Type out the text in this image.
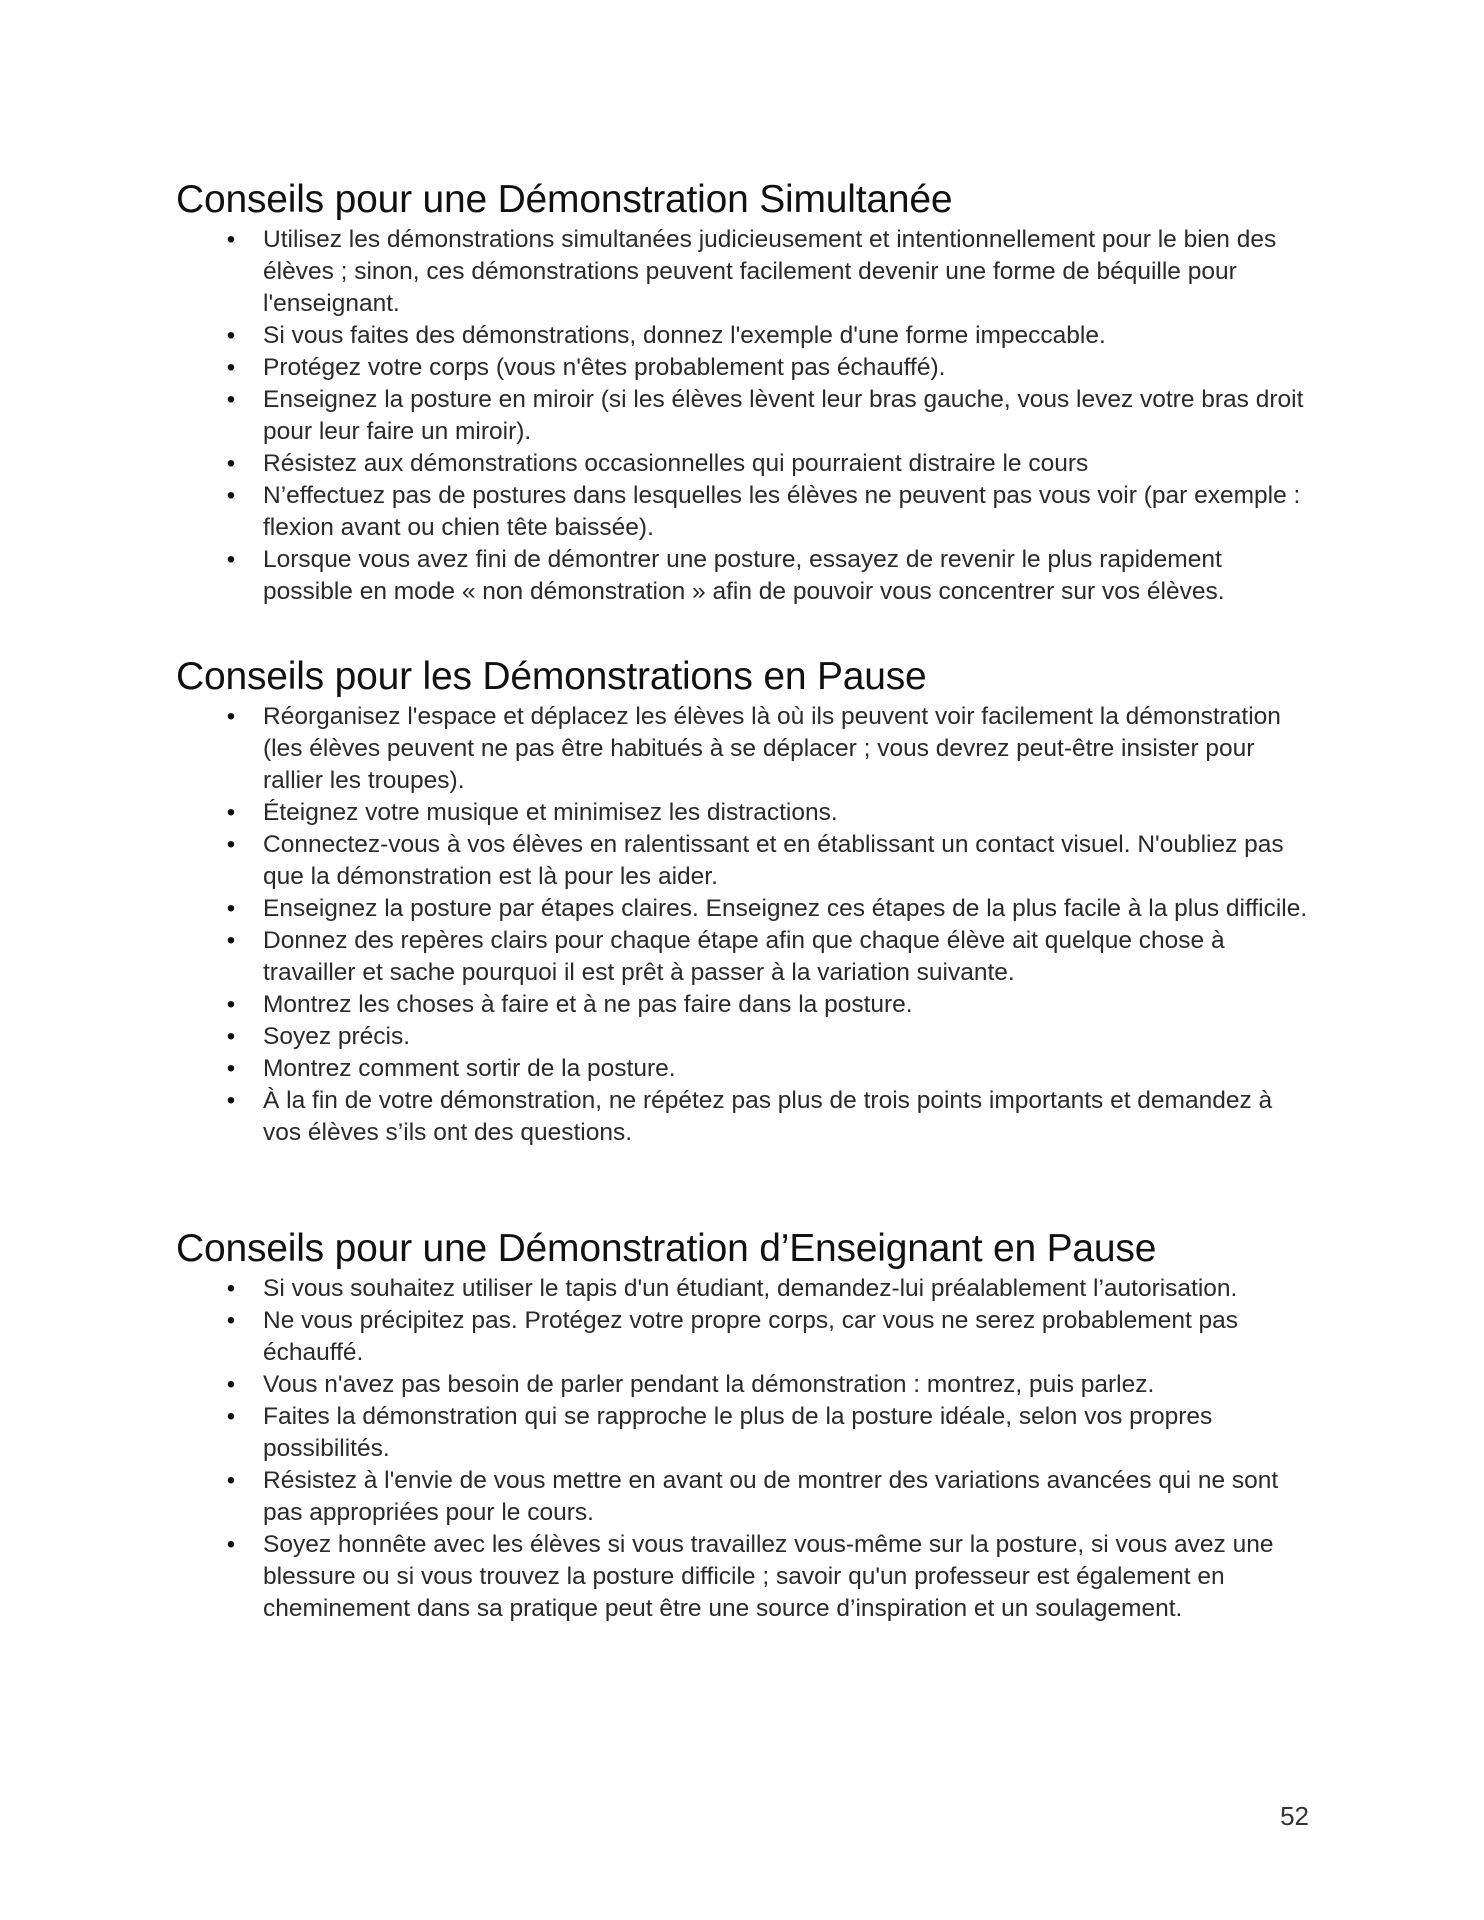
Conseils pour une Démonstration Simultanée
• Utilisez les démonstrations simultanées judicieusement et intentionnellement pour le bien des élèves ; sinon, ces démonstrations peuvent facilement devenir une forme de béquille pour l'enseignant.
• Si vous faites des démonstrations, donnez l'exemple d'une forme impeccable.
• Protégez votre corps (vous n'êtes probablement pas échauffé).
• Enseignez la posture en miroir (si les élèves lèvent leur bras gauche, vous levez votre bras droit pour leur faire un miroir).
• Résistez aux démonstrations occasionnelles qui pourraient distraire le cours
• N’effectuez pas de postures dans lesquelles les élèves ne peuvent pas vous voir (par exemple : flexion avant ou chien tête baissée).
• Lorsque vous avez fini de démontrer une posture, essayez de revenir le plus rapidement possible en mode « non démonstration » afin de pouvoir vous concentrer sur vos élèves.
Conseils pour les Démonstrations en Pause
• Réorganisez l'espace et déplacez les élèves là où ils peuvent voir facilement la démonstration (les élèves peuvent ne pas être habitués à se déplacer ; vous devrez peut-être insister pour rallier les troupes).
• Éteignez votre musique et minimisez les distractions.
• Connectez-vous à vos élèves en ralentissant et en établissant un contact visuel. N'oubliez pas que la démonstration est là pour les aider.
• Enseignez la posture par étapes claires. Enseignez ces étapes de la plus facile à la plus difficile.
• Donnez des repères clairs pour chaque étape afin que chaque élève ait quelque chose à travailler et sache pourquoi il est prêt à passer à la variation suivante.
• Montrez les choses à faire et à ne pas faire dans la posture.
• Soyez précis.
• Montrez comment sortir de la posture.
• À la fin de votre démonstration, ne répétez pas plus de trois points importants et demandez à vos élèves s’ils ont des questions.
Conseils pour une Démonstration d’Enseignant en Pause
• Si vous souhaitez utiliser le tapis d'un étudiant, demandez-lui préalablement l’autorisation.
• Ne vous précipitez pas. Protégez votre propre corps, car vous ne serez probablement pas échauffé.
• Vous n'avez pas besoin de parler pendant la démonstration : montrez, puis parlez.
• Faites la démonstration qui se rapproche le plus de la posture idéale, selon vos propres possibilités.
• Résistez à l'envie de vous mettre en avant ou de montrer des variations avancées qui ne sont pas appropriées pour le cours.
• Soyez honnête avec les élèves si vous travaillez vous-même sur la posture, si vous avez une blessure ou si vous trouvez la posture difficile ; savoir qu'un professeur est également en cheminement dans sa pratique peut être une source d’inspiration et un soulagement.
52
